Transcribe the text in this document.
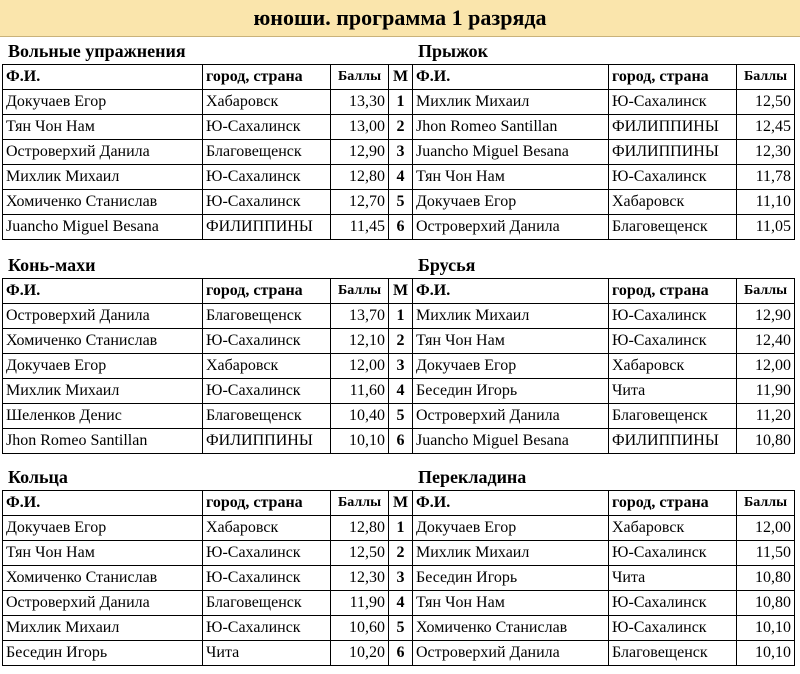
юноши. программа 1 разряда
Вольные упражнения
Ф.И.	город, страна	Баллы	М
Докучаев Егор	Хабаровск	13,30	1
Тян Чон Нам	Ю-Сахалинск	13,00	2
Островерхий Данила	Благовещенск	12,90	3
Михлик Михаил	Ю-Сахалинск	12,80	4
Хомиченко Станислав	Ю-Сахалинск	12,70	5
Juancho Miguel Besana	ФИЛИППИНЫ	11,45	6
Прыжок
Ф.И.	город, страна	Баллы
Михлик Михаил	Ю-Сахалинск	12,50
Jhon Romeo Santillan	ФИЛИППИНЫ	12,45
Juancho Miguel Besana	ФИЛИППИНЫ	12,30
Тян Чон Нам	Ю-Сахалинск	11,78
Докучаев Егор	Хабаровск	11,10
Островерхий Данила	Благовещенск	11,05
Конь-махи
Ф.И.	город, страна	Баллы	М
Островерхий Данила	Благовещенск	13,70	1
Хомиченко Станислав	Ю-Сахалинск	12,10	2
Докучаев Егор	Хабаровск	12,00	3
Михлик Михаил	Ю-Сахалинск	11,60	4
Шеленков Денис	Благовещенск	10,40	5
Jhon Romeo Santillan	ФИЛИППИНЫ	10,10	6
Брусья
Ф.И.	город, страна	Баллы
Михлик Михаил	Ю-Сахалинск	12,90
Тян Чон Нам	Ю-Сахалинск	12,40
Докучаев Егор	Хабаровск	12,00
Беседин Игорь	Чита	11,90
Островерхий Данила	Благовещенск	11,20
Juancho Miguel Besana	ФИЛИППИНЫ	10,80
Кольца
Ф.И.	город, страна	Баллы	М
Докучаев Егор	Хабаровск	12,80	1
Тян Чон Нам	Ю-Сахалинск	12,50	2
Хомиченко Станислав	Ю-Сахалинск	12,30	3
Островерхий Данила	Благовещенск	11,90	4
Михлик Михаил	Ю-Сахалинск	10,60	5
Беседин Игорь	Чита	10,20	6
Перекладина
Ф.И.	город, страна	Баллы
Докучаев Егор	Хабаровск	12,00
Михлик Михаил	Ю-Сахалинск	11,50
Беседин Игорь	Чита	10,80
Тян Чон Нам	Ю-Сахалинск	10,80
Хомиченко Станислав	Ю-Сахалинск	10,10
Островерхий Данила	Благовещенск	10,10
